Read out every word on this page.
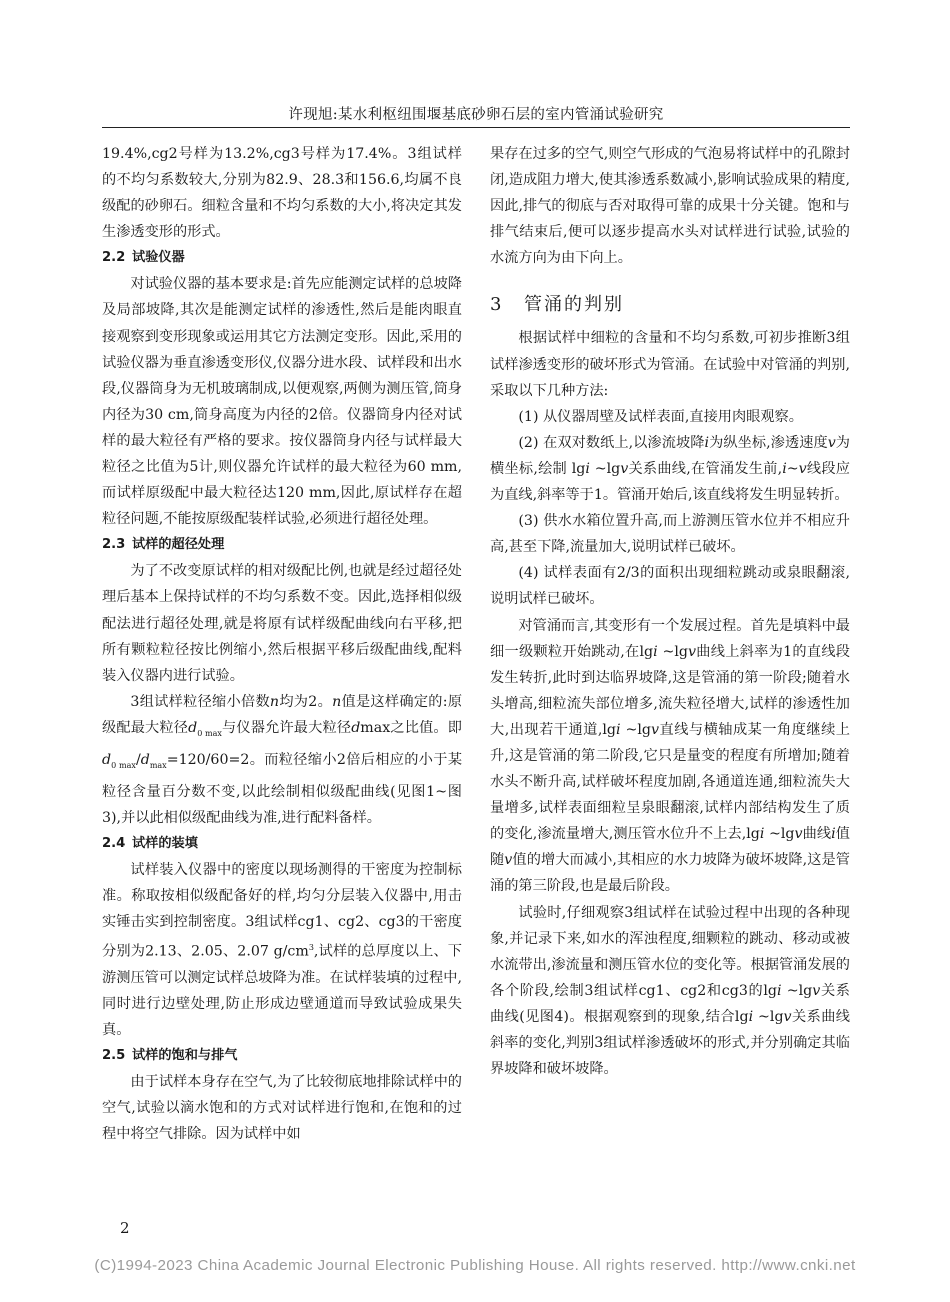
许现旭:某水利枢纽围堰基底砂卵石层的室内管涌试验研究

19.4%,cg2号样为13.2%,cg3号样为17.4%。3组试样的不均匀系数较大,分别为82.9、28.3和156.6,均属不良级配的砂卵石。细粒含量和不均匀系数的大小,将决定其发生渗透变形的形式。

2.2 试验仪器

对试验仪器的基本要求是:首先应能测定试样的总坡降及局部坡降,其次是能测定试样的渗透性,然后是能肉眼直接观察到变形现象或运用其它方法测定变形。因此,采用的试验仪器为垂直渗透变形仪,仪器分进水段、试样段和出水段,仪器筒身为无机玻璃制成,以便观察,两侧为测压管,筒身内径为30 cm,筒身高度为内径的2倍。仪器筒身内径对试样的最大粒径有严格的要求。按仪器筒身内径与试样最大粒径之比值为5计,则仪器允许试样的最大粒径为60 mm,而试样原级配中最大粒径达120 mm,因此,原试样存在超粒径问题,不能按原级配装样试验,必须进行超径处理。

2.3 试样的超径处理

为了不改变原试样的相对级配比例,也就是经过超径处理后基本上保持试样的不均匀系数不变。因此,选择相似级配法进行超径处理,就是将原有试样级配曲线向右平移,把所有颗粒粒径按比例缩小,然后根据平移后级配曲线,配料装入仪器内进行试验。

3组试样粒径缩小倍数n均为2。n值是这样确定的:原级配最大粒径$d_{0 max}$与仪器允许最大粒径dmax之比值。即$d_{0 max}/d_{max}=120/60=2$。而粒径缩小2倍后相应的小于某粒径含量百分数不变,以此绘制相似级配曲线(见图1~图3),并以此相似级配曲线为准,进行配料备样。

2.4 试样的装填

试样装入仪器中的密度以现场测得的干密度为控制标准。称取按相似级配备好的样,均匀分层装入仪器中,用击实锤击实到控制密度。3组试样cg1、cg2、cg3的干密度分别为2.13、2.05、2.07 $g/cm^3$,试样的总厚度以上、下游测压管可以测定试样总坡降为准。在试样装填的过程中,同时进行边壁处理,防止形成边壁通道而导致试验成果失真。

2.5 试样的饱和与排气

由于试样本身存在空气,为了比较彻底地排除试样中的空气,试验以滴水饱和的方式对试样进行饱和,在饱和的过程中将空气排除。因为试样中如

果存在过多的空气,则空气形成的气泡易将试样中的孔隙封闭,造成阻力增大,使其渗透系数减小,影响试验成果的精度,因此,排气的彻底与否对取得可靠的成果十分关键。饱和与排气结束后,便可以逐步提高水头对试样进行试验,试验的水流方向为由下向上。

3 管涌的判别

根据试样中细粒的含量和不均匀系数,可初步推断3组试样渗透变形的破坏形式为管涌。在试验中对管涌的判别,采取以下几种方法:

(1) 从仪器周壁及试样表面,直接用肉眼观察。

(2) 在双对数纸上,以渗流坡降i为纵坐标,渗透速度v为横坐标,绘制 lgi ~lgv关系曲线,在管涌发生前,i~v线段应为直线,斜率等于1。管涌开始后,该直线将发生明显转折。

(3) 供水水箱位置升高,而上游测压管水位并不相应升高,甚至下降,流量加大,说明试样已破坏。

(4) 试样表面有2/3的面积出现细粒跳动或泉眼翻滚,说明试样已破坏。

对管涌而言,其变形有一个发展过程。首先是填料中最细一级颗粒开始跳动,在lgi ~lgv曲线上斜率为1的直线段发生转折,此时到达临界坡降,这是管涌的第一阶段;随着水头增高,细粒流失部位增多,流失粒径增大,试样的渗透性加大,出现若干通道,lgi ~lgv直线与横轴成某一角度继续上升,这是管涌的第二阶段,它只是量变的程度有所增加;随着水头不断升高,试样破坏程度加剧,各通道连通,细粒流失大量增多,试样表面细粒呈泉眼翻滚,试样内部结构发生了质的变化,渗流量增大,测压管水位升不上去,lgi ~lgv曲线i值随v值的增大而减小,其相应的水力坡降为破坏坡降,这是管涌的第三阶段,也是最后阶段。

试验时,仔细观察3组试样在试验过程中出现的各种现象,并记录下来,如水的浑浊程度,细颗粒的跳动、移动或被水流带出,渗流量和测压管水位的变化等。根据管涌发展的各个阶段,绘制3组试样cg1、cg2和cg3的lgi ~lgv关系曲线(见图4)。根据观察到的现象,结合lgi ~lgv关系曲线斜率的变化,判别3组试样渗透破坏的形式,并分别确定其临界坡降和破坏坡降。

2
(C)1994-2023 China Academic Journal Electronic Publishing House. All rights reserved. http://www.cnki.net
